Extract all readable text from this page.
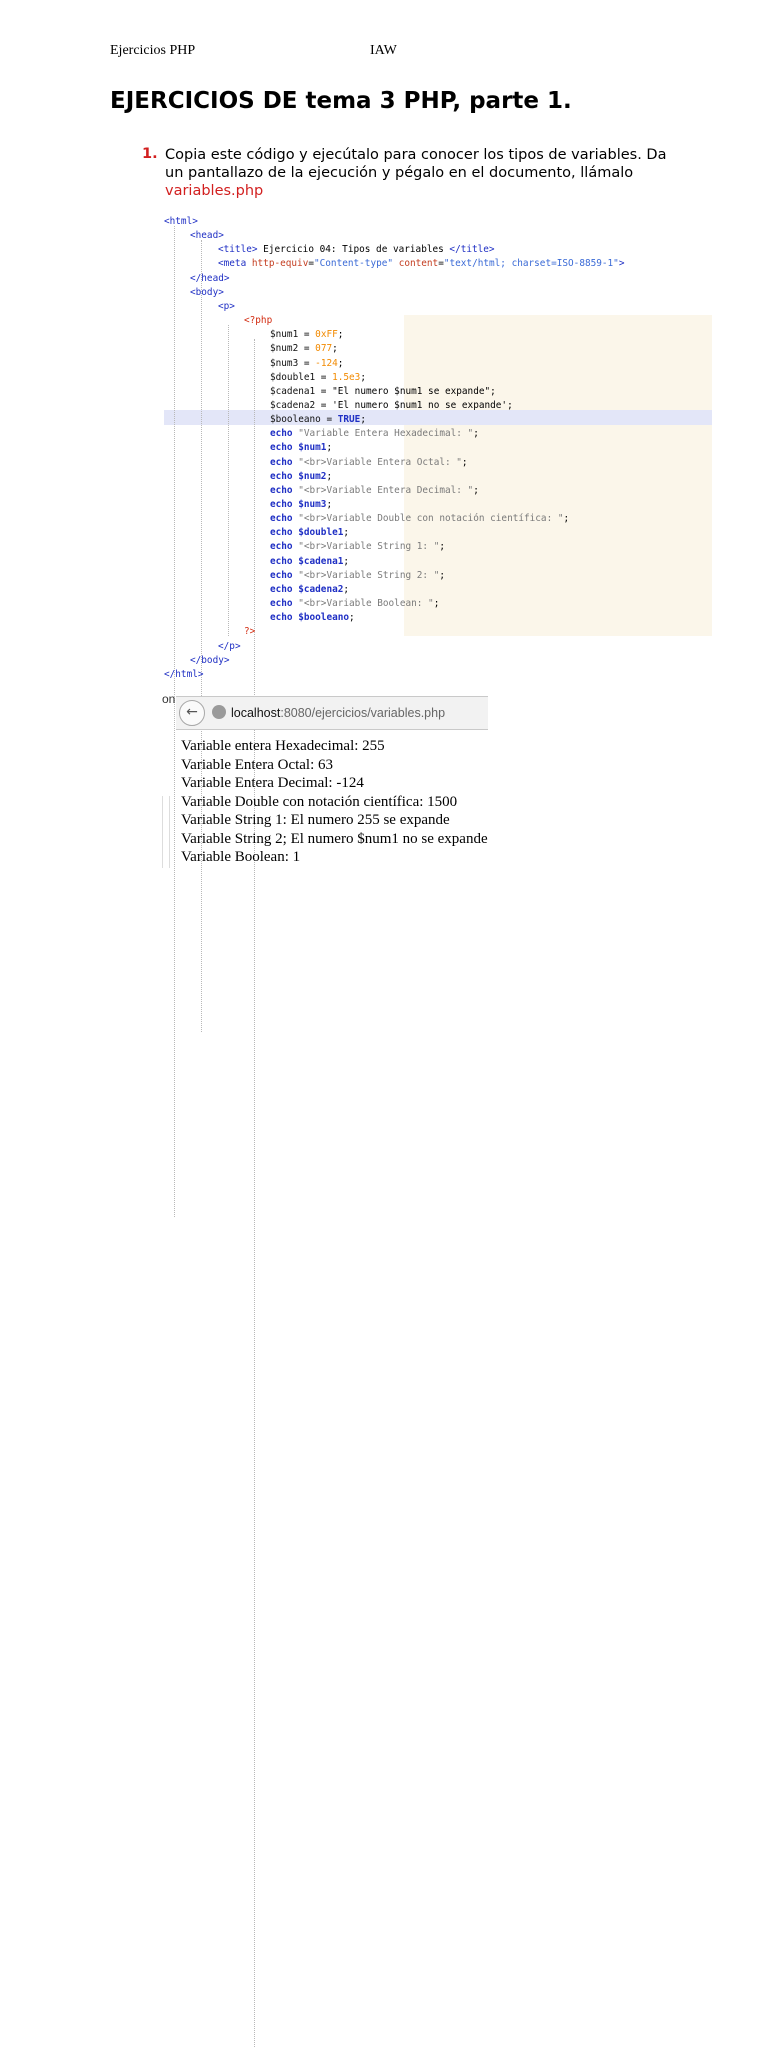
Ejercicios PHP	IAW
EJERCICIOS DE tema 3 PHP, parte 1.
1. Copia este código y ejecútalo para conocer los tipos de variables. Da un pantallazo de la ejecución y pégalo en el documento, llámalo variables.php
<html>
<head>
<title> Ejercicio 04: Tipos de variables </title>
<meta http-equiv="Content-type" content="text/html; charset=ISO-8859-1">
</head>
<body>
<p>
<?php
$num1 = 0xFF;
$num2 = 077;
$num3 = -124;
$double1 = 1.5e3;
$cadena1 = "El numero $num1 se expande";
$cadena2 = 'El numero $num1 no se expande';
$booleano = TRUE;
echo "Variable Entera Hexadecimal: ";
echo $num1;
echo "<br>Variable Entera Octal: ";
echo $num2;
echo "<br>Variable Entera Decimal: ";
echo $num3;
echo "<br>Variable Double con notación científica: ";
echo $double1;
echo "<br>Variable String 1: ";
echo $cadena1;
echo "<br>Variable String 2: ";
echo $cadena2;
echo "<br>Variable Boolean: ";
echo $booleano;
?>
</p>
</body>
</html>
on
←	localhost:8080/ejercicios/variables.php
Variable entera Hexadecimal: 255
Variable Entera Octal: 63
Variable Entera Decimal: -124
Variable Double con notación científica: 1500
Variable String 1: El numero 255 se expande
Variable String 2; El numero $num1 no se expande
Variable Boolean: 1
